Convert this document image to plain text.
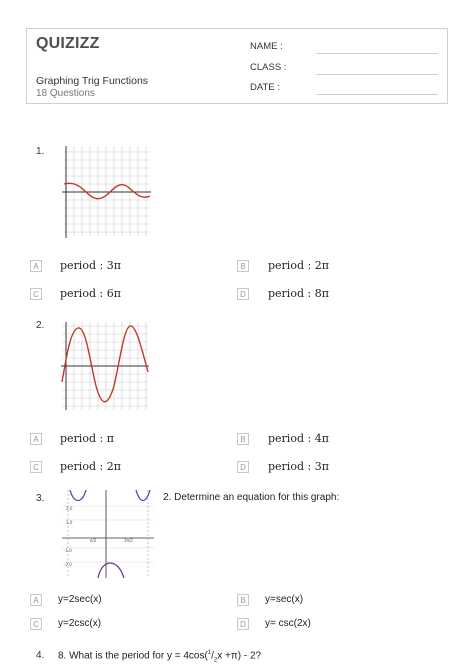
QUIZIZZ
Graphing Trig Functions
18 Questions
NAME :
CLASS :
DATE :
1.
A	period : 3π	B	period : 2π
C period : 6π	D period : 8π
2.
A	period : π	B	period : 4π
C period : 2π	D period : 3π
3.
2.0
1.0
-1.0
-2.0
π/2	3π/2
2. Determine an equation for this graph:
A	y=2sec(x)	B	y=sec(x)
C	y=2csc(x)	D	y= csc(2x)
4. 8. What is the period for $y = 4\cos(^1/_2x +\pi) - 2$?
